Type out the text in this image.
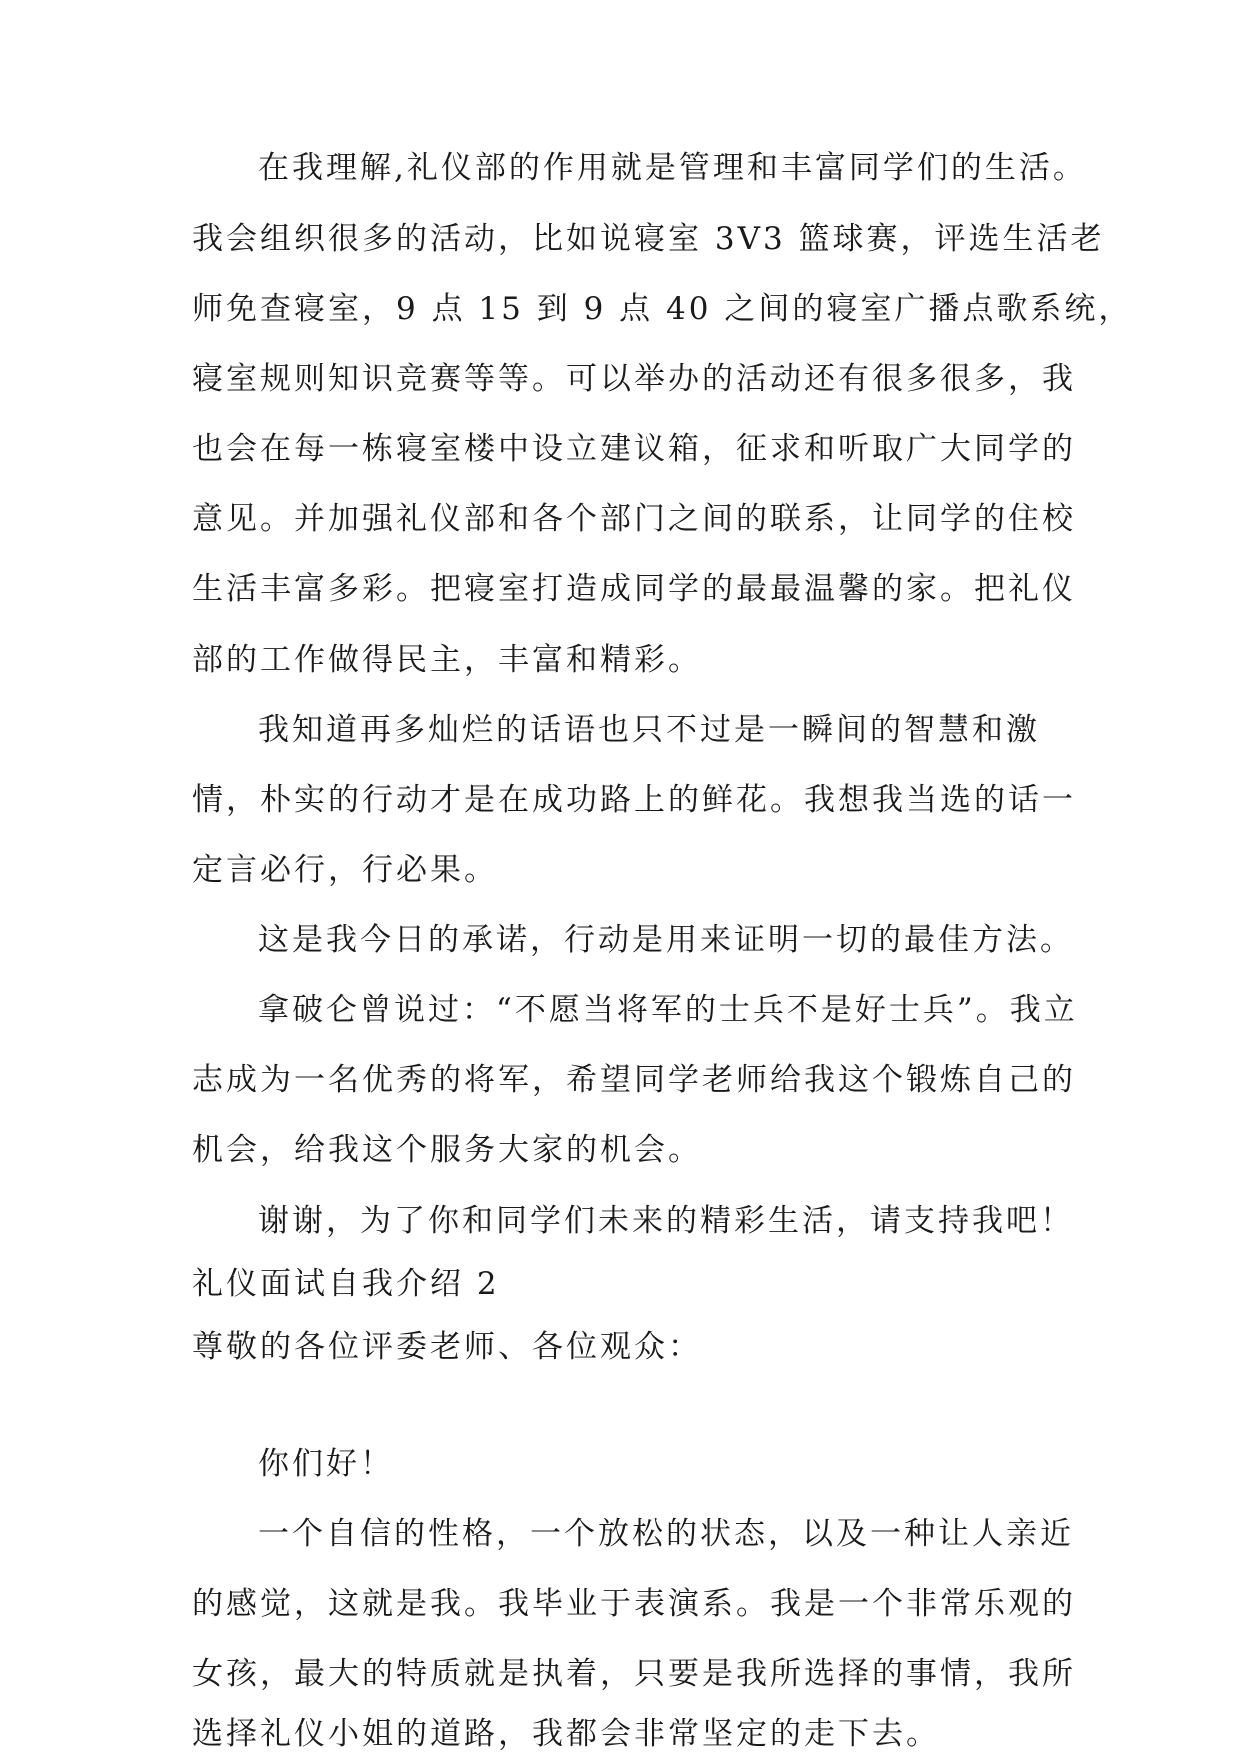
在我理解,礼仪部的作用就是管理和丰富同学们的生活。
我会组织很多的活动，比如说寝室 3V3 篮球赛，评选生活老
师免查寝室，9 点 15 到 9 点 40 之间的寝室广播点歌系统，
寝室规则知识竞赛等等。可以举办的活动还有很多很多，我
也会在每一栋寝室楼中设立建议箱，征求和听取广大同学的
意见。并加强礼仪部和各个部门之间的联系，让同学的住校
生活丰富多彩。把寝室打造成同学的最最温馨的家。把礼仪
部的工作做得民主，丰富和精彩。
我知道再多灿烂的话语也只不过是一瞬间的智慧和激
情，朴实的行动才是在成功路上的鲜花。我想我当选的话一
定言必行，行必果。
这是我今日的承诺，行动是用来证明一切的最佳方法。
拿破仑曾说过：“不愿当将军的士兵不是好士兵”。我立
志成为一名优秀的将军，希望同学老师给我这个锻炼自己的
机会，给我这个服务大家的机会。
谢谢，为了你和同学们未来的精彩生活，请支持我吧！
礼仪面试自我介绍 2
尊敬的各位评委老师、各位观众：
你们好！
一个自信的性格，一个放松的状态，以及一种让人亲近
的感觉，这就是我。我毕业于表演系。我是一个非常乐观的
女孩，最大的特质就是执着，只要是我所选择的事情，我所
选择礼仪小姐的道路，我都会非常坚定的走下去。
